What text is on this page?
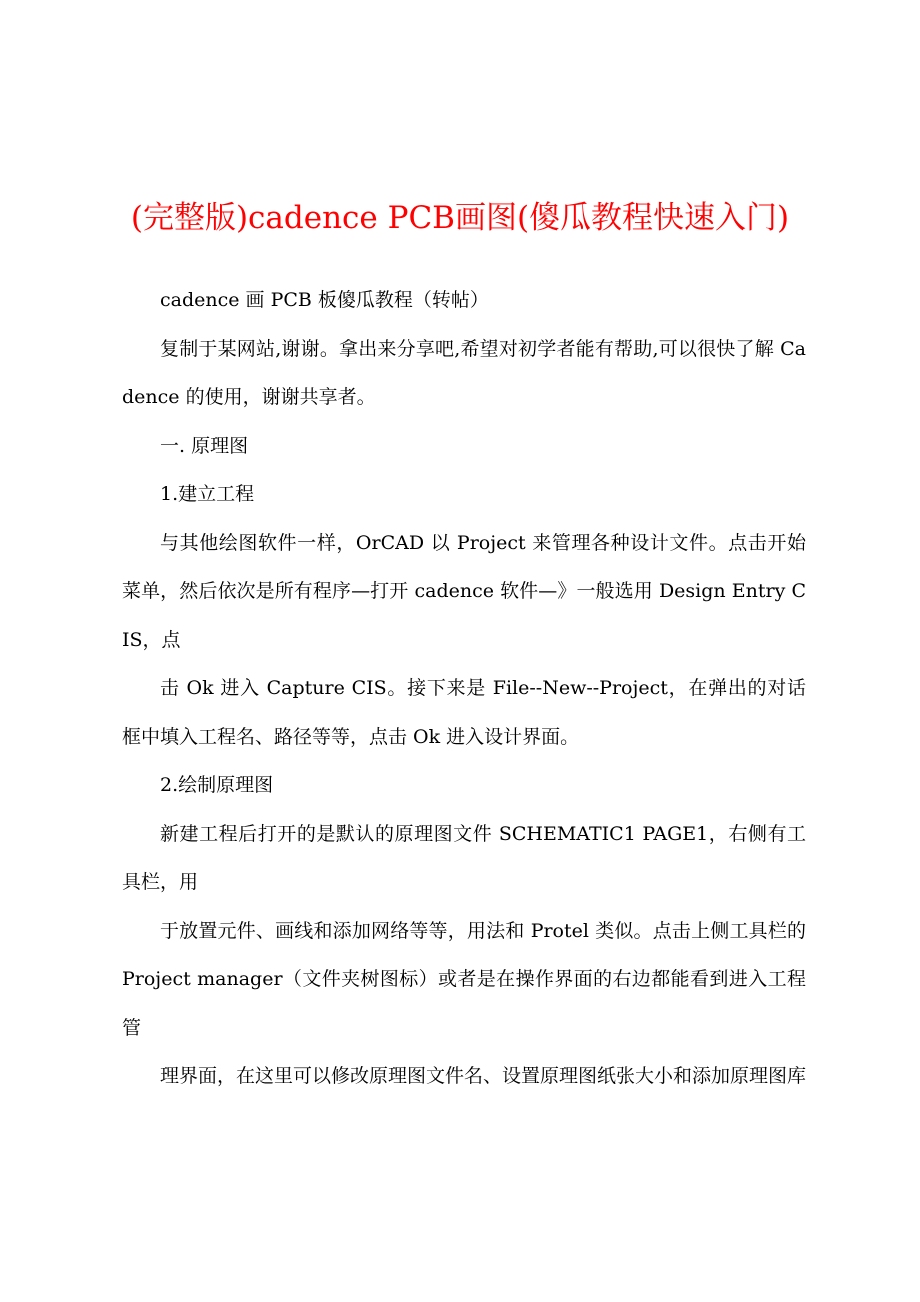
(完整版)cadence PCB画图(傻瓜教程快速入门)

cadence 画 PCB 板傻瓜教程（转帖）

复制于某网站,谢谢。拿出来分享吧,希望对初学者能有帮助,可以很快了解 Cadence 的使用，谢谢共享者。

一. 原理图

1.建立工程

与其他绘图软件一样，OrCAD 以 Project 来管理各种设计文件。点击开始菜单，然后依次是所有程序—打开 cadence 软件—》一般选用 Design Entry CIS，点

击 Ok 进入 Capture CIS。接下来是 File--New--Project，在弹出的对话框中填入工程名、路径等等，点击 Ok 进入设计界面。

2.绘制原理图

新建工程后打开的是默认的原理图文件 SCHEMATIC1 PAGE1，右侧有工具栏，用

于放置元件、画线和添加网络等等，用法和 Protel 类似。点击上侧工具栏的 Project manager（文件夹树图标）或者是在操作界面的右边都能看到进入工程管

理界面，在这里可以修改原理图文件名、设置原理图纸张大小和添加原理图库
